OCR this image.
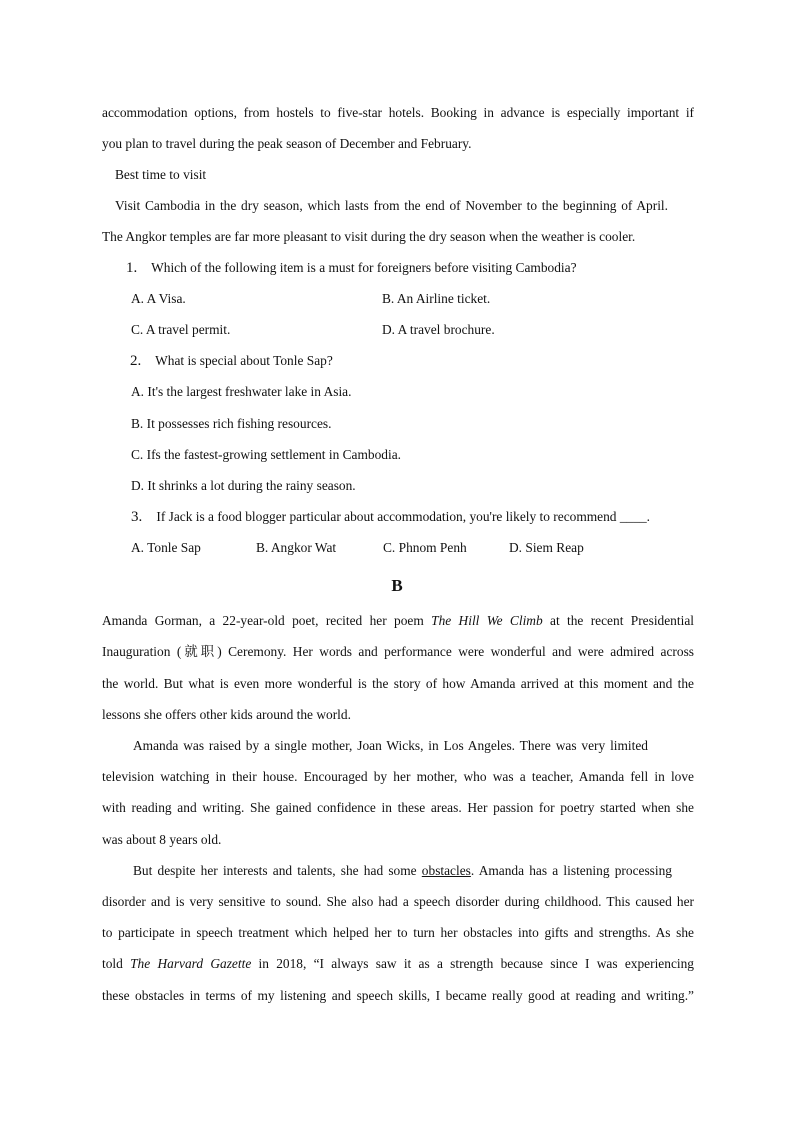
accommodation options, from hostels to five-star hotels. Booking in advance is especially important if
you plan to travel during the peak season of December and February.
Best time to visit
Visit Cambodia in the dry season, which lasts from the end of November to the beginning of April.
The Angkor temples are far more pleasant to visit during the dry season when the weather is cooler.
1. Which of the following item is a must for foreigners before visiting Cambodia?
A. A Visa.	B. An Airline ticket.
C. A travel permit.	D. A travel brochure.
2. What is special about Tonle Sap?
A. It's the largest freshwater lake in Asia.
B. It possesses rich fishing resources.
C. Ifs the fastest-growing settlement in Cambodia.
D. It shrinks a lot during the rainy season.
3. If Jack is a food blogger particular about accommodation, you're likely to recommend ____.
A. Tonle Sap	B. Angkor Wat	C. Phnom Penh	D. Siem Reap
B
Amanda Gorman, a 22-year-old poet, recited her poem The Hill We Climb at the recent Presidential
Inauguration (就职) Ceremony. Her words and performance were wonderful and were admired across
the world. But what is even more wonderful is the story of how Amanda arrived at this moment and the
lessons she offers other kids around the world.
Amanda was raised by a single mother, Joan Wicks, in Los Angeles. There was very limited
television watching in their house. Encouraged by her mother, who was a teacher, Amanda fell in love
with reading and writing. She gained confidence in these areas. Her passion for poetry started when she
was about 8 years old.
But despite her interests and talents, she had some obstacles. Amanda has a listening processing
disorder and is very sensitive to sound. She also had a speech disorder during childhood. This caused her
to participate in speech treatment which helped her to turn her obstacles into gifts and strengths. As she
told The Harvard Gazette in 2018, “I always saw it as a strength because since I was experiencing
these obstacles in terms of my listening and speech skills, I became really good at reading and writing.”
